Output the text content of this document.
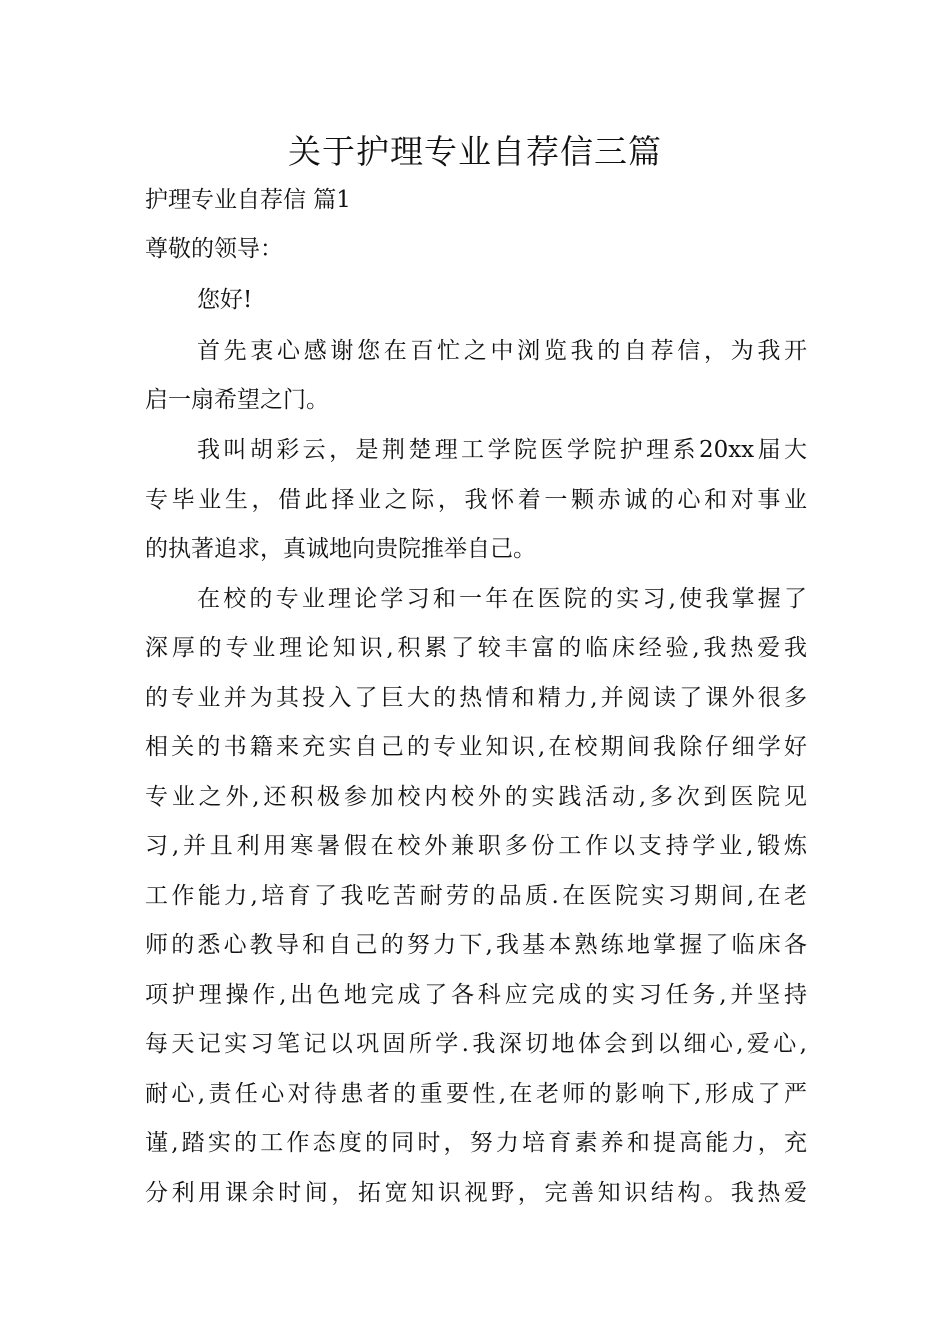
关于护理专业自荐信三篇
护理专业自荐信 篇1
尊敬的领导：
您好!
首先衷心感谢您在百忙之中浏览我的自荐信，为我开
启一扇希望之门。
我叫胡彩云，是荆楚理工学院医学院护理系20xx届大
专毕业生，借此择业之际，我怀着一颗赤诚的心和对事业
的执著追求，真诚地向贵院推举自己。
在校的专业理论学习和一年在医院的实习,使我掌握了
深厚的专业理论知识,积累了较丰富的临床经验,我热爱我
的专业并为其投入了巨大的热情和精力,并阅读了课外很多
相关的书籍来充实自己的专业知识,在校期间我除仔细学好
专业之外,还积极参加校内校外的实践活动,多次到医院见
习,并且利用寒暑假在校外兼职多份工作以支持学业,锻炼
工作能力,培育了我吃苦耐劳的品质.在医院实习期间,在老
师的悉心教导和自己的努力下,我基本熟练地掌握了临床各
项护理操作,出色地完成了各科应完成的实习任务,并坚持
每天记实习笔记以巩固所学.我深切地体会到以细心,爱心,
耐心,责任心对待患者的重要性,在老师的影响下,形成了严
谨,踏实的工作态度的同时，努力培育素养和提高能力，充
分利用课余时间，拓宽知识视野，完善知识结构。我热爱
